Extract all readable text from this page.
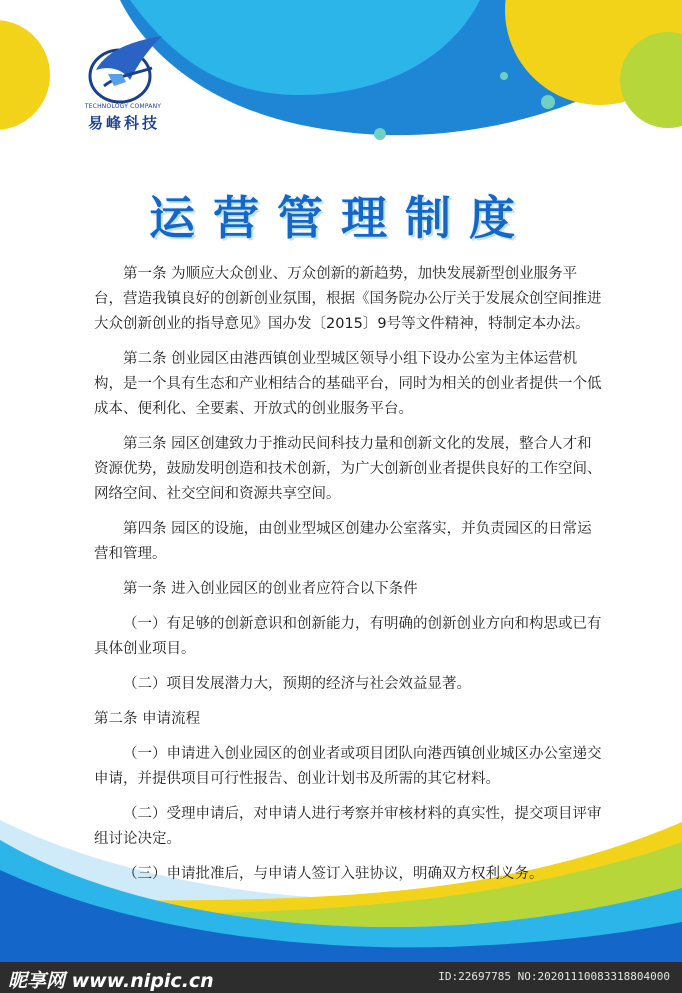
TECHNOLOGY COMPANY
易峰科技
运营管理制度

第一条 为顺应大众创业、万众创新的新趋势，加快发展新型创业服务平台，营造我镇良好的创新创业氛围，根据《国务院办公厅关于发展众创空间推进大众创新创业的指导意见》国办发〔2015〕9号等文件精神，特制定本办法。

第二条 创业园区由港西镇创业型城区领导小组下设办公室为主体运营机构，是一个具有生态和产业相结合的基础平台，同时为相关的创业者提供一个低成本、便利化、全要素、开放式的创业服务平台。

第三条 园区创建致力于推动民间科技力量和创新文化的发展，整合人才和资源优势，鼓励发明创造和技术创新，为广大创新创业者提供良好的工作空间、网络空间、社交空间和资源共享空间。

第四条 园区的设施，由创业型城区创建办公室落实，并负责园区的日常运营和管理。

第一条 进入创业园区的创业者应符合以下条件

（一）有足够的创新意识和创新能力，有明确的创新创业方向和构思或已有具体创业项目。

（二）项目发展潜力大，预期的经济与社会效益显著。

第二条 申请流程

（一）申请进入创业园区的创业者或项目团队向港西镇创业城区办公室递交申请，并提供项目可行性报告、创业计划书及所需的其它材料。

（二）受理申请后，对申请人进行考察并审核材料的真实性，提交项目评审组讨论决定。

（三）申请批准后，与申请人签订入驻协议，明确双方权利义务。

昵享网 www.nipic.cn	ID:22697785 NO:20201110083318804000
